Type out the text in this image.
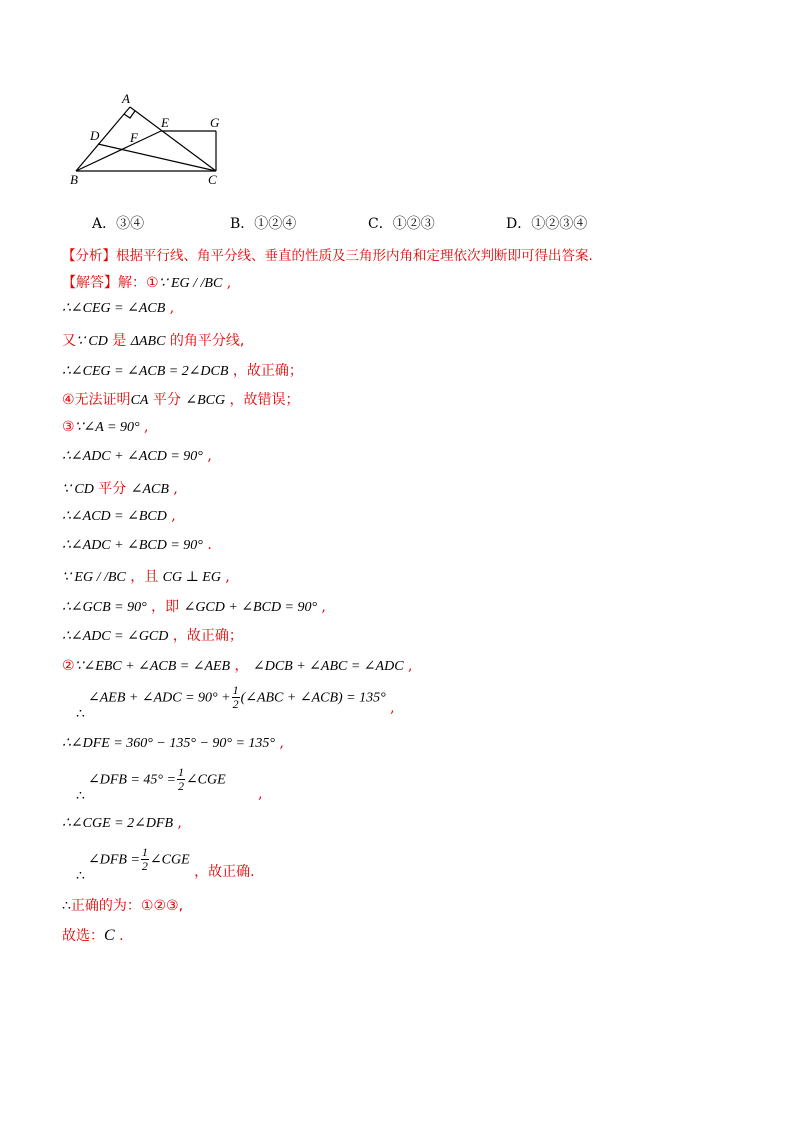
A
B	C
D
E
F
G
A．③④	B．①②④	C．①②③	D．①②③④
【分析】根据平行线、角平分线、垂直的性质及三角形内角和定理依次判断即可得出答案.
【解答】解：①∵ EG / /BC ,
∴∠CEG = ∠ACB ,
又∵ CD 是 ΔABC 的角平分线,
∴∠CEG = ∠ACB = 2∠DCB ，故正确；
④无法证明CA 平分 ∠BCG ，故错误；
③∵∠A = 90° ,
∴∠ADC + ∠ACD = 90° ,
∵ CD 平分 ∠ACB ,
∴∠ACD = ∠BCD ,
∴∠ADC + ∠BCD = 90° .
∵ EG / /BC ，且 CG ⊥ EG ,
∴∠GCB = 90° ，即 ∠GCD + ∠BCD = 90° ,
∴∠ADC = ∠GCD ，故正确；
②∵∠EBC + ∠ACB = ∠AEB ， ∠DCB + ∠ABC = ∠ADC ,
∴
∠AEB + ∠ADC = $90^\circ + \frac{1}{2}$ (∠ABC + ∠ACB) = 135° ,
∴∠DFE = 360° − 135° − 90° = 135° ,
∴
∠DFB = $45^\circ = \frac{1}{2}$ ∠CGE ,
∴∠CGE = 2∠DFB ,
∴
∠DFB = $\frac{1}{2}$ ∠CGE ，故正确.
∴正确的为：①②③,
故选：C .
